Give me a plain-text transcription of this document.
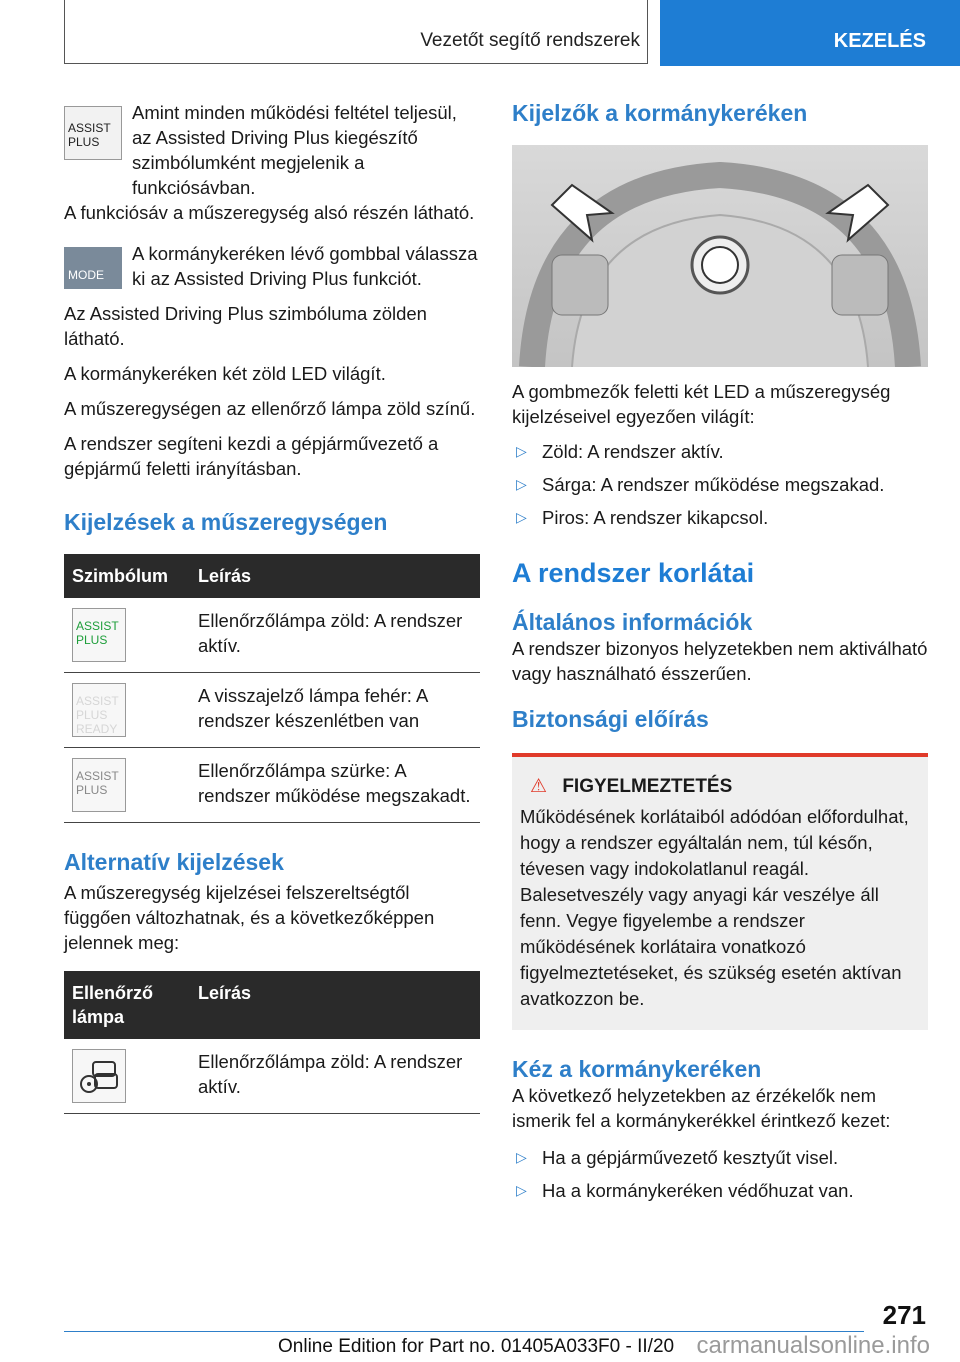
Vezetőt segítő rendszerek	KEZELÉS
ASSIST PLUS

Amint minden működési feltétel teljesül, az Assisted Driving Plus kiegészítő szimbólumként megjelenik a funkciósávban.

A funkciósáv a műszeregység alsó részén látható.

MODE

A kormánykeréken lévő gombbal válassza ki az Assisted Driving Plus funkciót.

Az Assisted Driving Plus szimbóluma zölden látható.

A kormánykeréken két zöld LED világít.

A műszeregységen az ellenőrző lámpa zöld színű.

A rendszer segíteni kezdi a gépjárművezető a gépjármű feletti irányításban.

Kijelzések a műszeregységen
Szimbólum	Leírás

ASSIST PLUS	Ellenőrzőlámpa zöld: A rendszer aktív.

ASSIST PLUS READY	A visszajelző lámpa fehér: A rendszer készenlétben van

ASSIST PLUS	Ellenőrzőlámpa szürke: A rendszer működése megszakadt.
Alternatív kijelzések

A műszeregység kijelzései felszereltségtől függően változhatnak, és a következőképpen jelennek meg:

Ellenőrző lámpa	Leírás

	Ellenőrzőlámpa zöld: A rendszer aktív.
Kijelzők a kormánykeréken

A gombmezők feletti két LED a műszeregység kijelzéseivel egyezően világít:

▷ Zöld: A rendszer aktív.
▷ Sárga: A rendszer működése megszakad.
▷ Piros: A rendszer kikapcsol.
A rendszer korlátai
Általános információk

A rendszer bizonyos helyzetekben nem aktiválható vagy használható ésszerűen.

Biztonsági előírás
⚠ FIGYELMEZTETÉS

Működésének korlátaiból adódóan előfordulhat, hogy a rendszer egyáltalán nem, túl későn, tévesen vagy indokolatlanul reagál. Balesetveszély vagy anyagi kár veszélye áll fenn. Vegye figyelembe a rendszer működésének korlátaira vonatkozó figyelmeztetéseket, és szükség esetén aktívan avatkozzon be.

Kéz a kormánykeréken

A következő helyzetekben az érzékelők nem ismerik fel a kormánykerékkel érintkező kezet:

▷ Ha a gépjárművezető kesztyűt visel.
▷ Ha a kormánykeréken védőhuzat van.
271
Online Edition for Part no. 01405A033F0 - II/20 carmanualsonline.info
